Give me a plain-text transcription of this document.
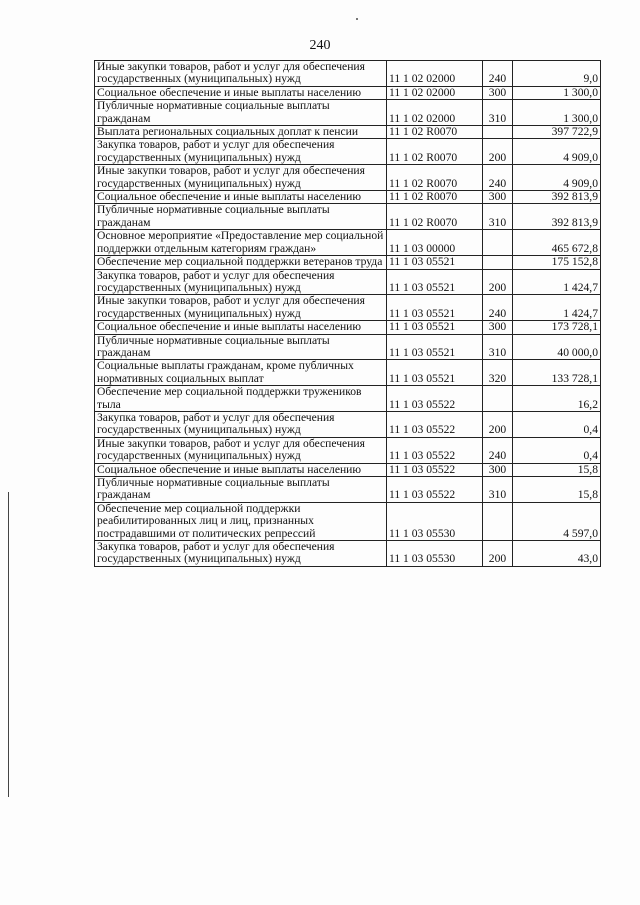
240
Иные закупки товаров, работ и услуг для обеспечения государственных (муниципальных) нужд	11 1 02 02000	240	9,0
Социальное обеспечение и иные выплаты населению	11 1 02 02000	300	1 300,0
Публичные нормативные социальные выплаты гражданам	11 1 02 02000	310	1 300,0
Выплата региональных социальных доплат к пенсии	11 1 02 R0070		397 722,9
Закупка товаров, работ и услуг для обеспечения государственных (муниципальных) нужд	11 1 02 R0070	200	4 909,0
Иные закупки товаров, работ и услуг для обеспечения государственных (муниципальных) нужд	11 1 02 R0070	240	4 909,0
Социальное обеспечение и иные выплаты населению	11 1 02 R0070	300	392 813,9
Публичные нормативные социальные выплаты гражданам	11 1 02 R0070	310	392 813,9
Основное мероприятие «Предоставление мер социальной поддержки отдельным категориям граждан»	11 1 03 00000		465 672,8
Обеспечение мер социальной поддержки ветеранов труда	11 1 03 05521		175 152,8
Закупка товаров, работ и услуг для обеспечения государственных (муниципальных) нужд	11 1 03 05521	200	1 424,7
Иные закупки товаров, работ и услуг для обеспечения государственных (муниципальных) нужд	11 1 03 05521	240	1 424,7
Социальное обеспечение и иные выплаты населению	11 1 03 05521	300	173 728,1
Публичные нормативные социальные выплаты гражданам	11 1 03 05521	310	40 000,0
Социальные выплаты гражданам, кроме публичных нормативных социальных выплат	11 1 03 05521	320	133 728,1
Обеспечение мер социальной поддержки тружеников тыла	11 1 03 05522		16,2
Закупка товаров, работ и услуг для обеспечения государственных (муниципальных) нужд	11 1 03 05522	200	0,4
Иные закупки товаров, работ и услуг для обеспечения государственных (муниципальных) нужд	11 1 03 05522	240	0,4
Социальное обеспечение и иные выплаты населению	11 1 03 05522	300	15,8
Публичные нормативные социальные выплаты гражданам	11 1 03 05522	310	15,8
Обеспечение мер социальной поддержки реабилитированных лиц и лиц, признанных пострадавшими от политических репрессий	11 1 03 05530		4 597,0
Закупка товаров, работ и услуг для обеспечения государственных (муниципальных) нужд	11 1 03 05530	200	43,0
